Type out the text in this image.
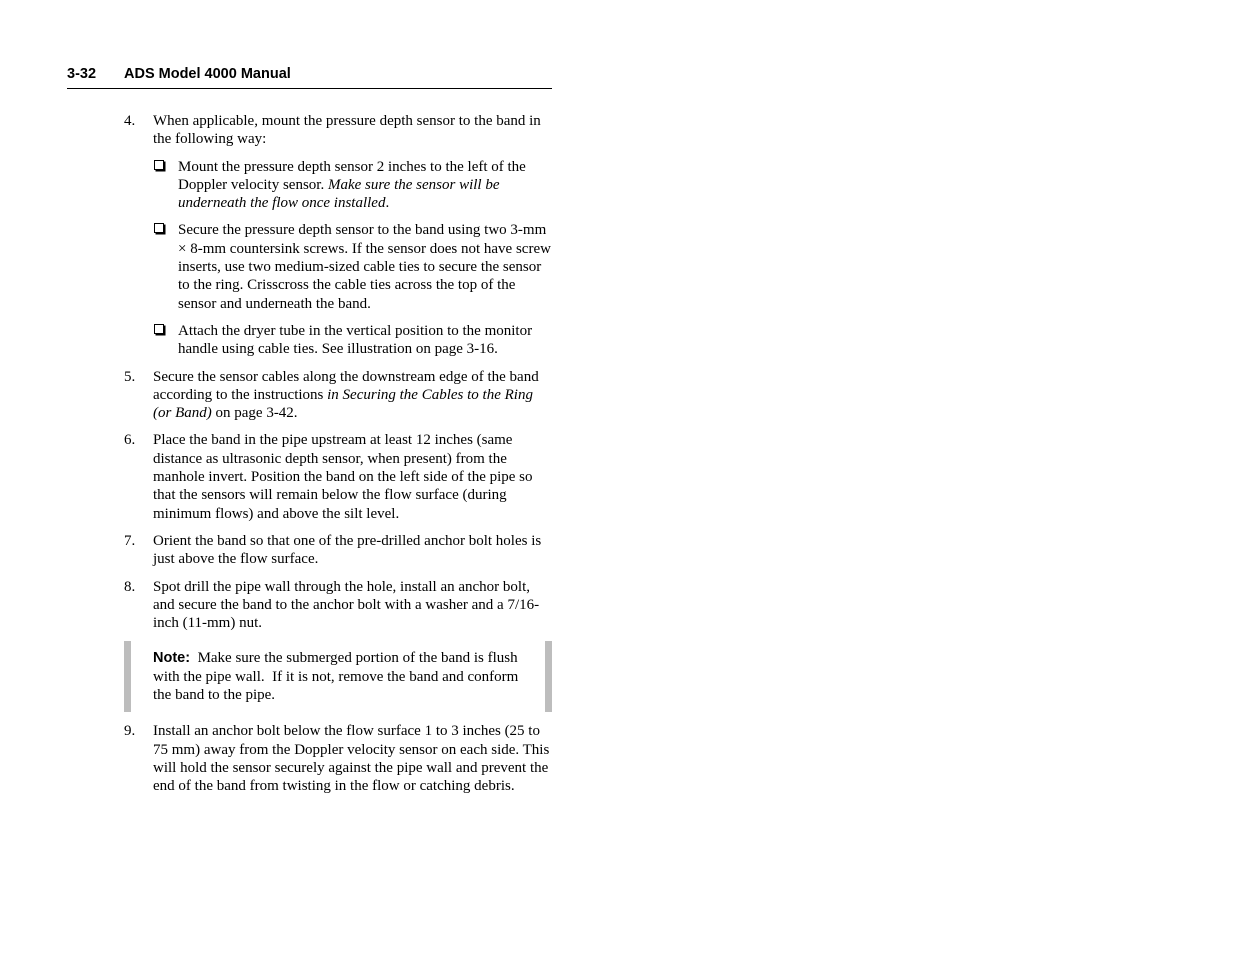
3-32 ADS Model 4000 Manual
4.	When applicable, mount the pressure depth sensor to the band in the following way:
Mount the pressure depth sensor 2 inches to the left of the Doppler velocity sensor. Make sure the sensor will be underneath the flow once installed.
Secure the pressure depth sensor to the band using two 3-mm × 8-mm countersink screws. If the sensor does not have screw inserts, use two medium-sized cable ties to secure the sensor to the ring. Crisscross the cable ties across the top of the sensor and underneath the band.
Attach the dryer tube in the vertical position to the monitor handle using cable ties. See illustration on page 3-16.
5.	Secure the sensor cables along the downstream edge of the band according to the instructions in Securing the Cables to the Ring (or Band) on page 3-42.
6.	Place the band in the pipe upstream at least 12 inches (same distance as ultrasonic depth sensor, when present) from the manhole invert. Position the band on the left side of the pipe so that the sensors will remain below the flow surface (during minimum flows) and above the silt level.
7.	Orient the band so that one of the pre-drilled anchor bolt holes is just above the flow surface.
8.	Spot drill the pipe wall through the hole, install an anchor bolt, and secure the band to the anchor bolt with a washer and a 7/16-inch (11-mm) nut.
Note:  Make sure the submerged portion of the band is flush with the pipe wall.  If it is not, remove the band and conform the band to the pipe.
9.	Install an anchor bolt below the flow surface 1 to 3 inches (25 to 75 mm) away from the Doppler velocity sensor on each side. This will hold the sensor securely against the pipe wall and prevent the end of the band from twisting in the flow or catching debris.
